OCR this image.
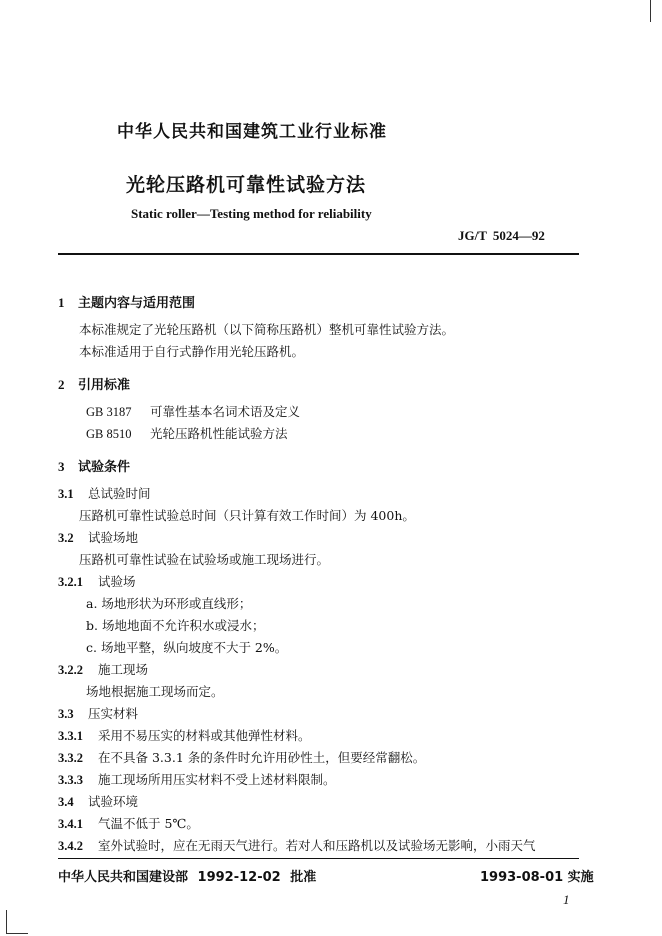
中华人民共和国建筑工业行业标准
光轮压路机可靠性试验方法
Static roller—Testing method for reliability
JG/T 5024—92
1 主题内容与适用范围
本标准规定了光轮压路机（以下简称压路机）整机可靠性试验方法。
本标准适用于自行式静作用光轮压路机。
2 引用标准
GB 3187 可靠性基本名词术语及定义
GB 8510 光轮压路机性能试验方法
3 试验条件
3.1 总试验时间
压路机可靠性试验总时间（只计算有效工作时间）为 400h。
3.2 试验场地
压路机可靠性试验在试验场或施工现场进行。
3.2.1 试验场
a. 场地形状为环形或直线形；
b. 场地地面不允许积水或浸水；
c. 场地平整，纵向坡度不大于 2%。
3.2.2 施工现场
场地根据施工现场而定。
3.3 压实材料
3.3.1 采用不易压实的材料或其他弹性材料。
3.3.2 在不具备 3.3.1 条的条件时允许用砂性土，但要经常翻松。
3.3.3 施工现场所用压实材料不受上述材料限制。
3.4 试验环境
3.4.1 气温不低于 5℃。
3.4.2 室外试验时，应在无雨天气进行。若对人和压路机以及试验场无影响，小雨天气
中华人民共和国建设部 1992-12-02 批准	1993-08-01 实施
1
